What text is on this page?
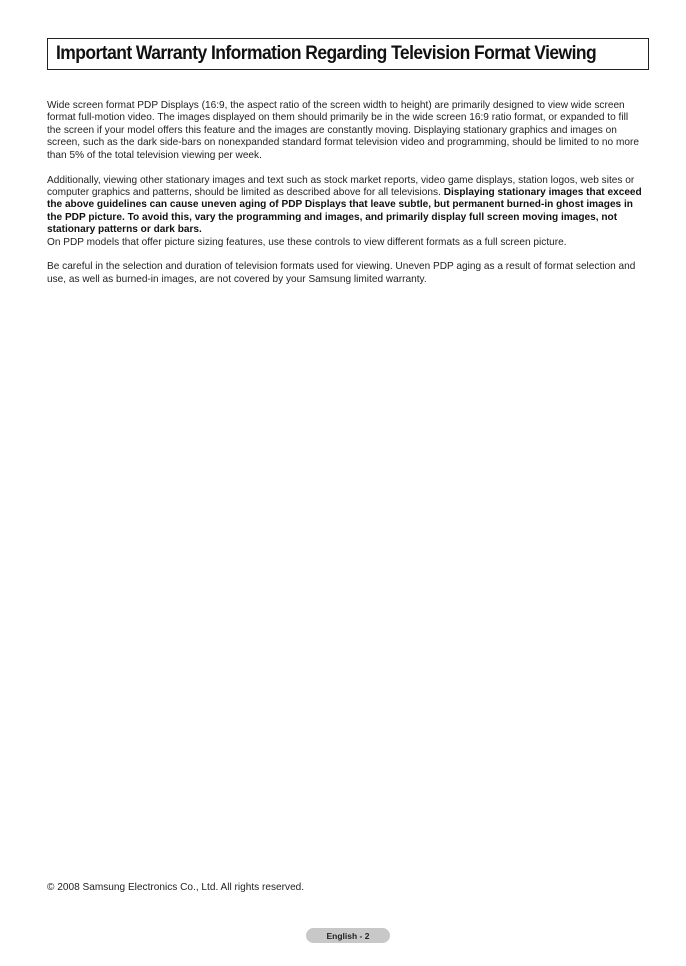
Important Warranty Information Regarding Television Format Viewing

Wide screen format PDP Displays (16:9, the aspect ratio of the screen width to height) are primarily designed to view wide screen format full-motion video. The images displayed on them should primarily be in the wide screen 16:9 ratio format, or expanded to fill the screen if your model offers this feature and the images are constantly moving. Displaying stationary graphics and images on screen, such as the dark side-bars on nonexpanded standard format television video and programming, should be limited to no more than 5% of the total television viewing per week.

Additionally, viewing other stationary images and text such as stock market reports, video game displays, station logos, web sites or computer graphics and patterns, should be limited as described above for all televisions. Displaying stationary images that exceed the above guidelines can cause uneven aging of PDP Displays that leave subtle, but permanent burned-in ghost images in the PDP picture. To avoid this, vary the programming and images, and primarily display full screen moving images, not stationary patterns or dark bars.

On PDP models that offer picture sizing features, use these controls to view different formats as a full screen picture.

Be careful in the selection and duration of television formats used for viewing. Uneven PDP aging as a result of format selection and use, as well as burned-in images, are not covered by your Samsung limited warranty.

© 2008 Samsung Electronics Co., Ltd. All rights reserved.
English - 2
